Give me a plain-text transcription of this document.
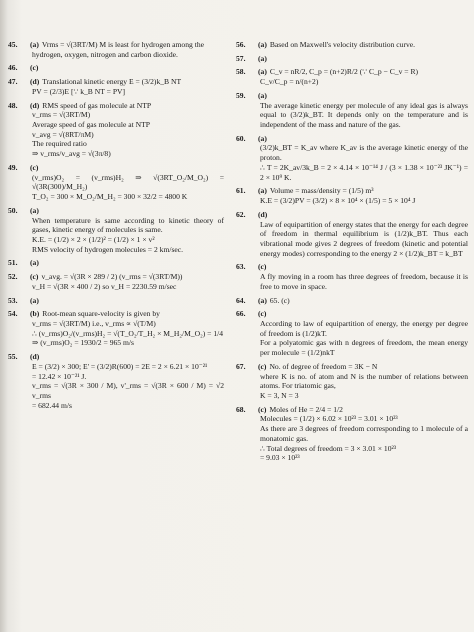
45. (a) Vrms = √(3RT/M) M is least for hydrogen among the
hydrogen, oxygen, nitrogen and carbon dioxide.
46. (c)
47. (d) Translational kinetic energy E = (3/2)k_B NT
PV = (2/3)E [∵ k_B NT = PV]
48. (d) RMS speed of gas molecule at NTP
v_rms = √(3RT/M)
Average speed of gas molecule at NTP
v_avg = √(8RT/πM)
The required ratio
⇒ v_rms/v_avg = √(3π/8)
49. (c)
(v_rms)O₂ = (v_rms)H₂ ⇒ √(3RT_O₂/M_O₂) = √(3R(300)/M_H₂)
T_O₂ = 300 × M_O₂/M_H₂ = 300 × 32/2 = 4800 K
50. (a)
When temperature is same according to kinetic theory of gases, kinetic energy of molecules is same.
K.E. = (1/2) × 2 × (1/2)² = (1/2) × 1 × v²
RMS velocity of hydrogen molecules = 2 km/sec.
51. (a)
52. (c) v_avg. = √(3R × 289 / 2) (v_rms = √(3RT/M))
v_H = √(3R × 400 / 2) so v_H = 2230.59 m/sec
53. (a)
54. (b) Root-mean square-velocity is given by
v_rms = √(3RT/M) i.e., v_rms ∝ √(T/M)
∴ (v_rms)O₂/(v_rms)H₂ = √(T_O₂/T_H₂ × M_H₂/M_O₂) = 1/4
⇒ (v_rms)O₂ = 1930/2 = 965 m/s
55. (d)
E = (3/2) × 300; E' = (3/2)R(600) = 2E = 2 × 6.21 × 10⁻²¹
= 12.42 × 10⁻²¹ J.
v_rms = √(3R × 300 / M), v'_rms = √(3R × 600 / M) = √2 v_rms
= 682.44 m/s
56. (a) Based on Maxwell's velocity distribution curve.
57. (a)
58. (a) C_v = nR/2, C_p = (n+2)R/2 (∵ C_p − C_v = R)
C_v/C_p = n/(n+2)
59. (a)
The average kinetic energy per molecule of any ideal gas is always equal to (3/2)k_BT. It depends only on the temperature and is independent of the mass and nature of the gas.
60. (a)
(3/2)k_BT = K_av where K_av is the average kinetic energy of the proton.
∴ T = 2K_av/3k_B = 2 × 4.14 × 10⁻¹⁴ J / (3 × 1.38 × 10⁻²³ JK⁻¹) = 2 × 10⁹ K.
61. (a) Volume = mass/density = (1/5) m³
K.E = (3/2)PV = (3/2) × 8 × 10⁴ × (1/5) = 5 × 10⁴ J
62. (d)
Law of equipartition of energy states that the energy for each degree of freedom in thermal equilibrium is (1/2)k_BT. Thus each vibrational mode gives 2 degrees of freedom (kinetic and potential energy modes) corresponding to the energy 2 × (1/2)k_BT = k_BT
63. (c)
A fly moving in a room has three degrees of freedom, because it is free to move in space.
64. (a) 65. (c)
66. (c)
According to law of equipartition of energy, the energy per degree of freedom is (1/2)kT.
For a polyatomic gas with n degrees of freedom, the mean energy per molecule = (1/2)nkT
67. (c) No. of degree of freedom = 3K − N
where K is no. of atom and N is the number of relations between atoms. For triatomic gas,
K = 3, N = 3
68. (c) Moles of He = 2/4 = 1/2
Molecules = (1/2) × 6.02 × 10²³ = 3.01 × 10²³
As there are 3 degrees of freedom corresponding to 1 molecule of a monatomic gas.
∴ Total degrees of freedom = 3 × 3.01 × 10²³
= 9.03 × 10²³
